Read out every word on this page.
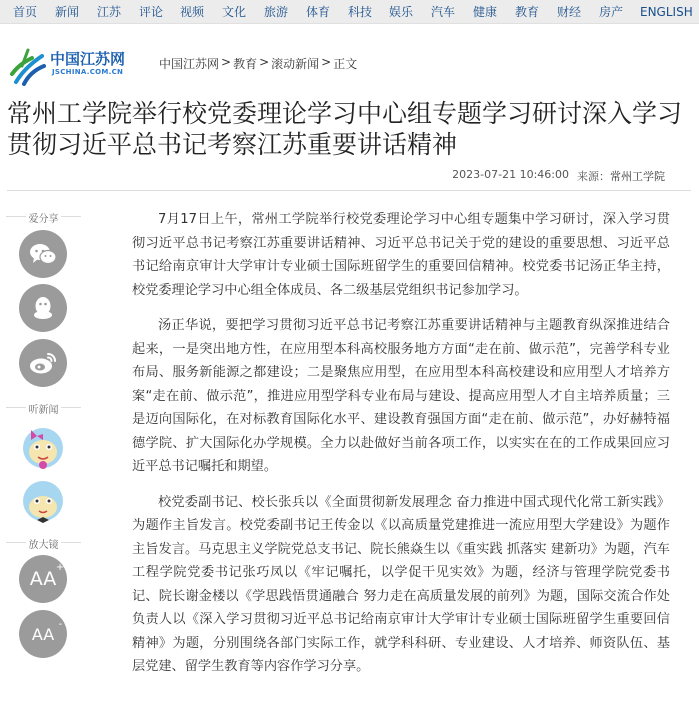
首页 新闻 江苏 评论 视频 文化 旅游 体育 科技 娱乐 汽车 健康 教育 财经 房产 ENGLISH
中国江苏网
JSCHINA.COM.CN
中国江苏网 > 教育 > 滚动新闻 > 正文
常州工学院举行校党委理论学习中心组专题学习研讨深入学习贯彻习近平总书记考察江苏重要讲话精神
2023-07-21 10:46:00 来源：常州工学院
爱分享
听新闻
放大镜
AA
+
AA
-

7月17日上午，常州工学院举行校党委理论学习中心组专题集中学习研讨，深入学习贯彻习近平总书记考察江苏重要讲话精神、习近平总书记关于党的建设的重要思想、习近平总书记给南京审计大学审计专业硕士国际班留学生的重要回信精神。校党委书记汤正华主持，校党委理论学习中心组全体成员、各二级基层党组织书记参加学习。

汤正华说，要把学习贯彻习近平总书记考察江苏重要讲话精神与主题教育纵深推进结合起来，一是突出地方性，在应用型本科高校服务地方方面“走在前、做示范”，完善学科专业布局、服务新能源之都建设；二是聚焦应用型，在应用型本科高校建设和应用型人才培养方案“走在前、做示范”，推进应用型学科专业布局与建设、提高应用型人才自主培养质量；三是迈向国际化，在对标教育国际化水平、建设教育强国方面“走在前、做示范”，办好赫特福德学院、扩大国际化办学规模。全力以赴做好当前各项工作，以实实在在的工作成果回应习近平总书记嘱托和期望。

校党委副书记、校长张兵以《全面贯彻新发展理念 奋力推进中国式现代化常工新实践》为题作主旨发言。校党委副书记王传金以《以高质量党建推进一流应用型大学建设》为题作主旨发言。马克思主义学院党总支书记、院长熊焱生以《重实践 抓落实 建新功》为题，汽车工程学院党委书记张巧凤以《牢记嘱托，以学促干见实效》为题，经济与管理学院党委书记、院长谢金楼以《学思践悟贯通融合 努力走在高质量发展的前列》为题，国际交流合作处负责人以《深入学习贯彻习近平总书记给南京审计大学审计专业硕士国际班留学生重要回信精神》为题，分别围绕各部门实际工作，就学科科研、专业建设、人才培养、师资队伍、基层党建、留学生教育等内容作学习分享。
